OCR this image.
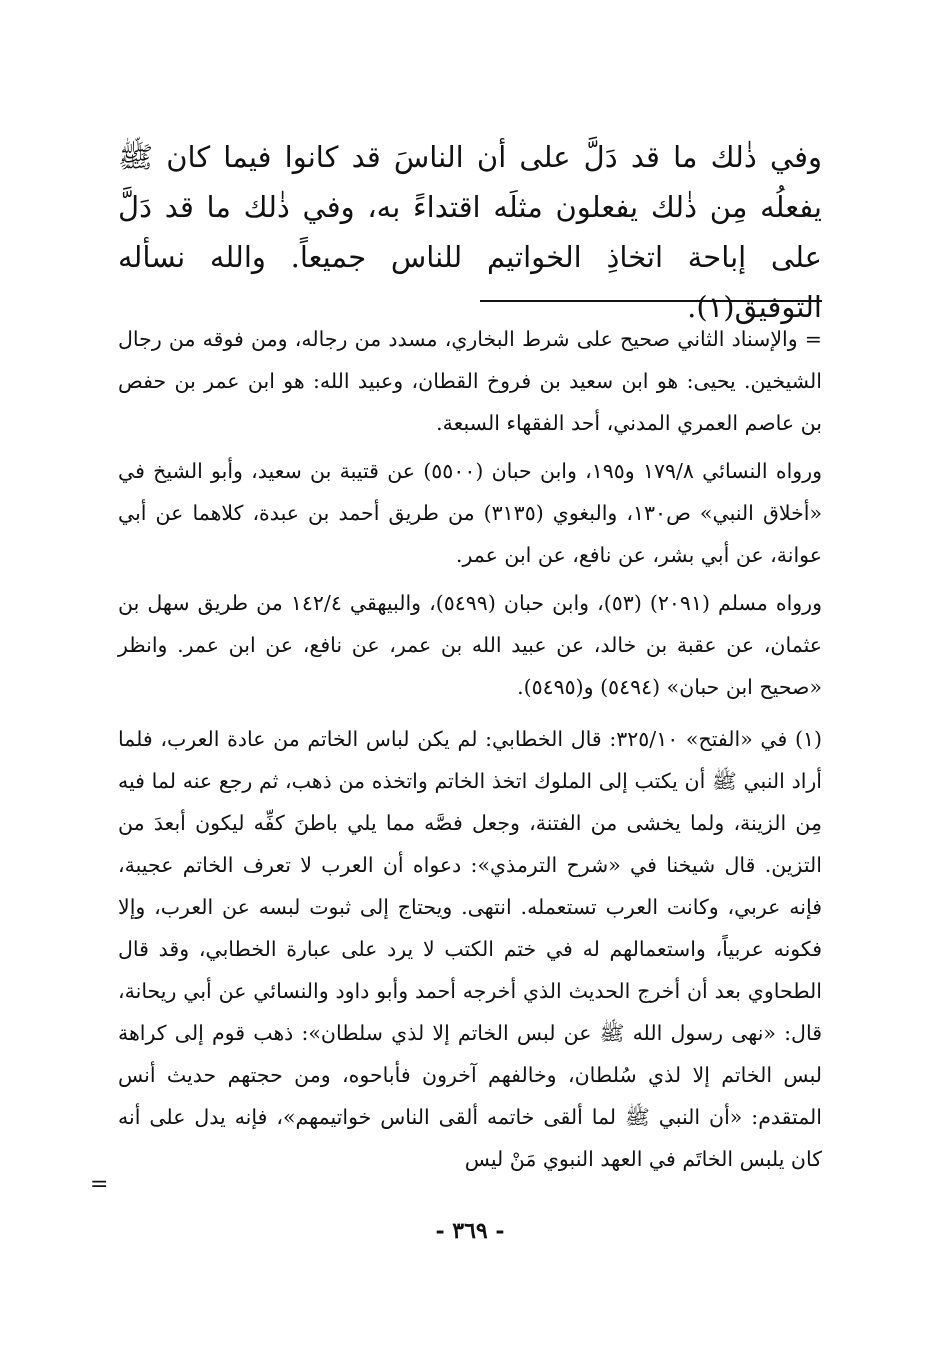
وفي ذٰلك ما قد دَلَّ على أن الناسَ قد كانوا فيما كان ﷺ يفعلُه مِن ذٰلك يفعلون مثلَه اقتداءً به، وفي ذٰلك ما قد دَلَّ على إباحة اتخاذِ الخواتيم للناس جميعاً. والله نسأله التوفيق(١).

= والإسناد الثاني صحيح على شرط البخاري، مسدد من رجاله، ومن فوقه من رجال الشيخين. يحيى: هو ابن سعيد بن فروخ القطان، وعبيد الله: هو ابن عمر بن حفص بن عاصم العمري المدني، أحد الفقهاء السبعة.

ورواه النسائي ١٧٩/٨ و١٩٥، وابن حبان (٥٥٠٠) عن قتيبة بن سعيد، وأبو الشيخ في «أخلاق النبي» ص١٣٠، والبغوي (٣١٣٥) من طريق أحمد بن عبدة، كلاهما عن أبي عوانة، عن أبي بشر، عن نافع، عن ابن عمر.

ورواه مسلم (٢٠٩١) (٥٣)، وابن حبان (٥٤٩٩)، والبيهقي ١٤٢/٤ من طريق سهل بن عثمان، عن عقبة بن خالد، عن عبيد الله بن عمر، عن نافع، عن ابن عمر. وانظر «صحيح ابن حبان» (٥٤٩٤) و(٥٤٩٥).

(١) في «الفتح» ٣٢٥/١٠: قال الخطابي: لم يكن لباس الخاتم من عادة العرب، فلما أراد النبي ﷺ أن يكتب إلى الملوك اتخذ الخاتم واتخذه من ذهب، ثم رجع عنه لما فيه مِن الزينة، ولما يخشى من الفتنة، وجعل فصَّه مما يلي باطنَ كفِّه ليكون أبعدَ من التزين. قال شيخنا في «شرح الترمذي»: دعواه أن العرب لا تعرف الخاتم عجيبة، فإنه عربي، وكانت العرب تستعمله. انتهى. ويحتاج إلى ثبوت لبسه عن العرب، وإلا فكونه عربياً، واستعمالهم له في ختم الكتب لا يرد على عبارة الخطابي، وقد قال الطحاوي بعد أن أخرج الحديث الذي أخرجه أحمد وأبو داود والنسائي عن أبي ريحانة، قال: «نهى رسول الله ﷺ عن لبس الخاتم إلا لذي سلطان»: ذهب قوم إلى كراهة لبس الخاتم إلا لذي سُلطان، وخالفهم آخرون فأباحوه، ومن حجتهم حديث أنس المتقدم: «أن النبي ﷺ لما ألقى خاتمه ألقى الناس خواتيمهم»، فإنه يدل على أنه كان يلبس الخاتَم في العهد النبوي مَنْ ليس

=
- ٣٦٩ -
